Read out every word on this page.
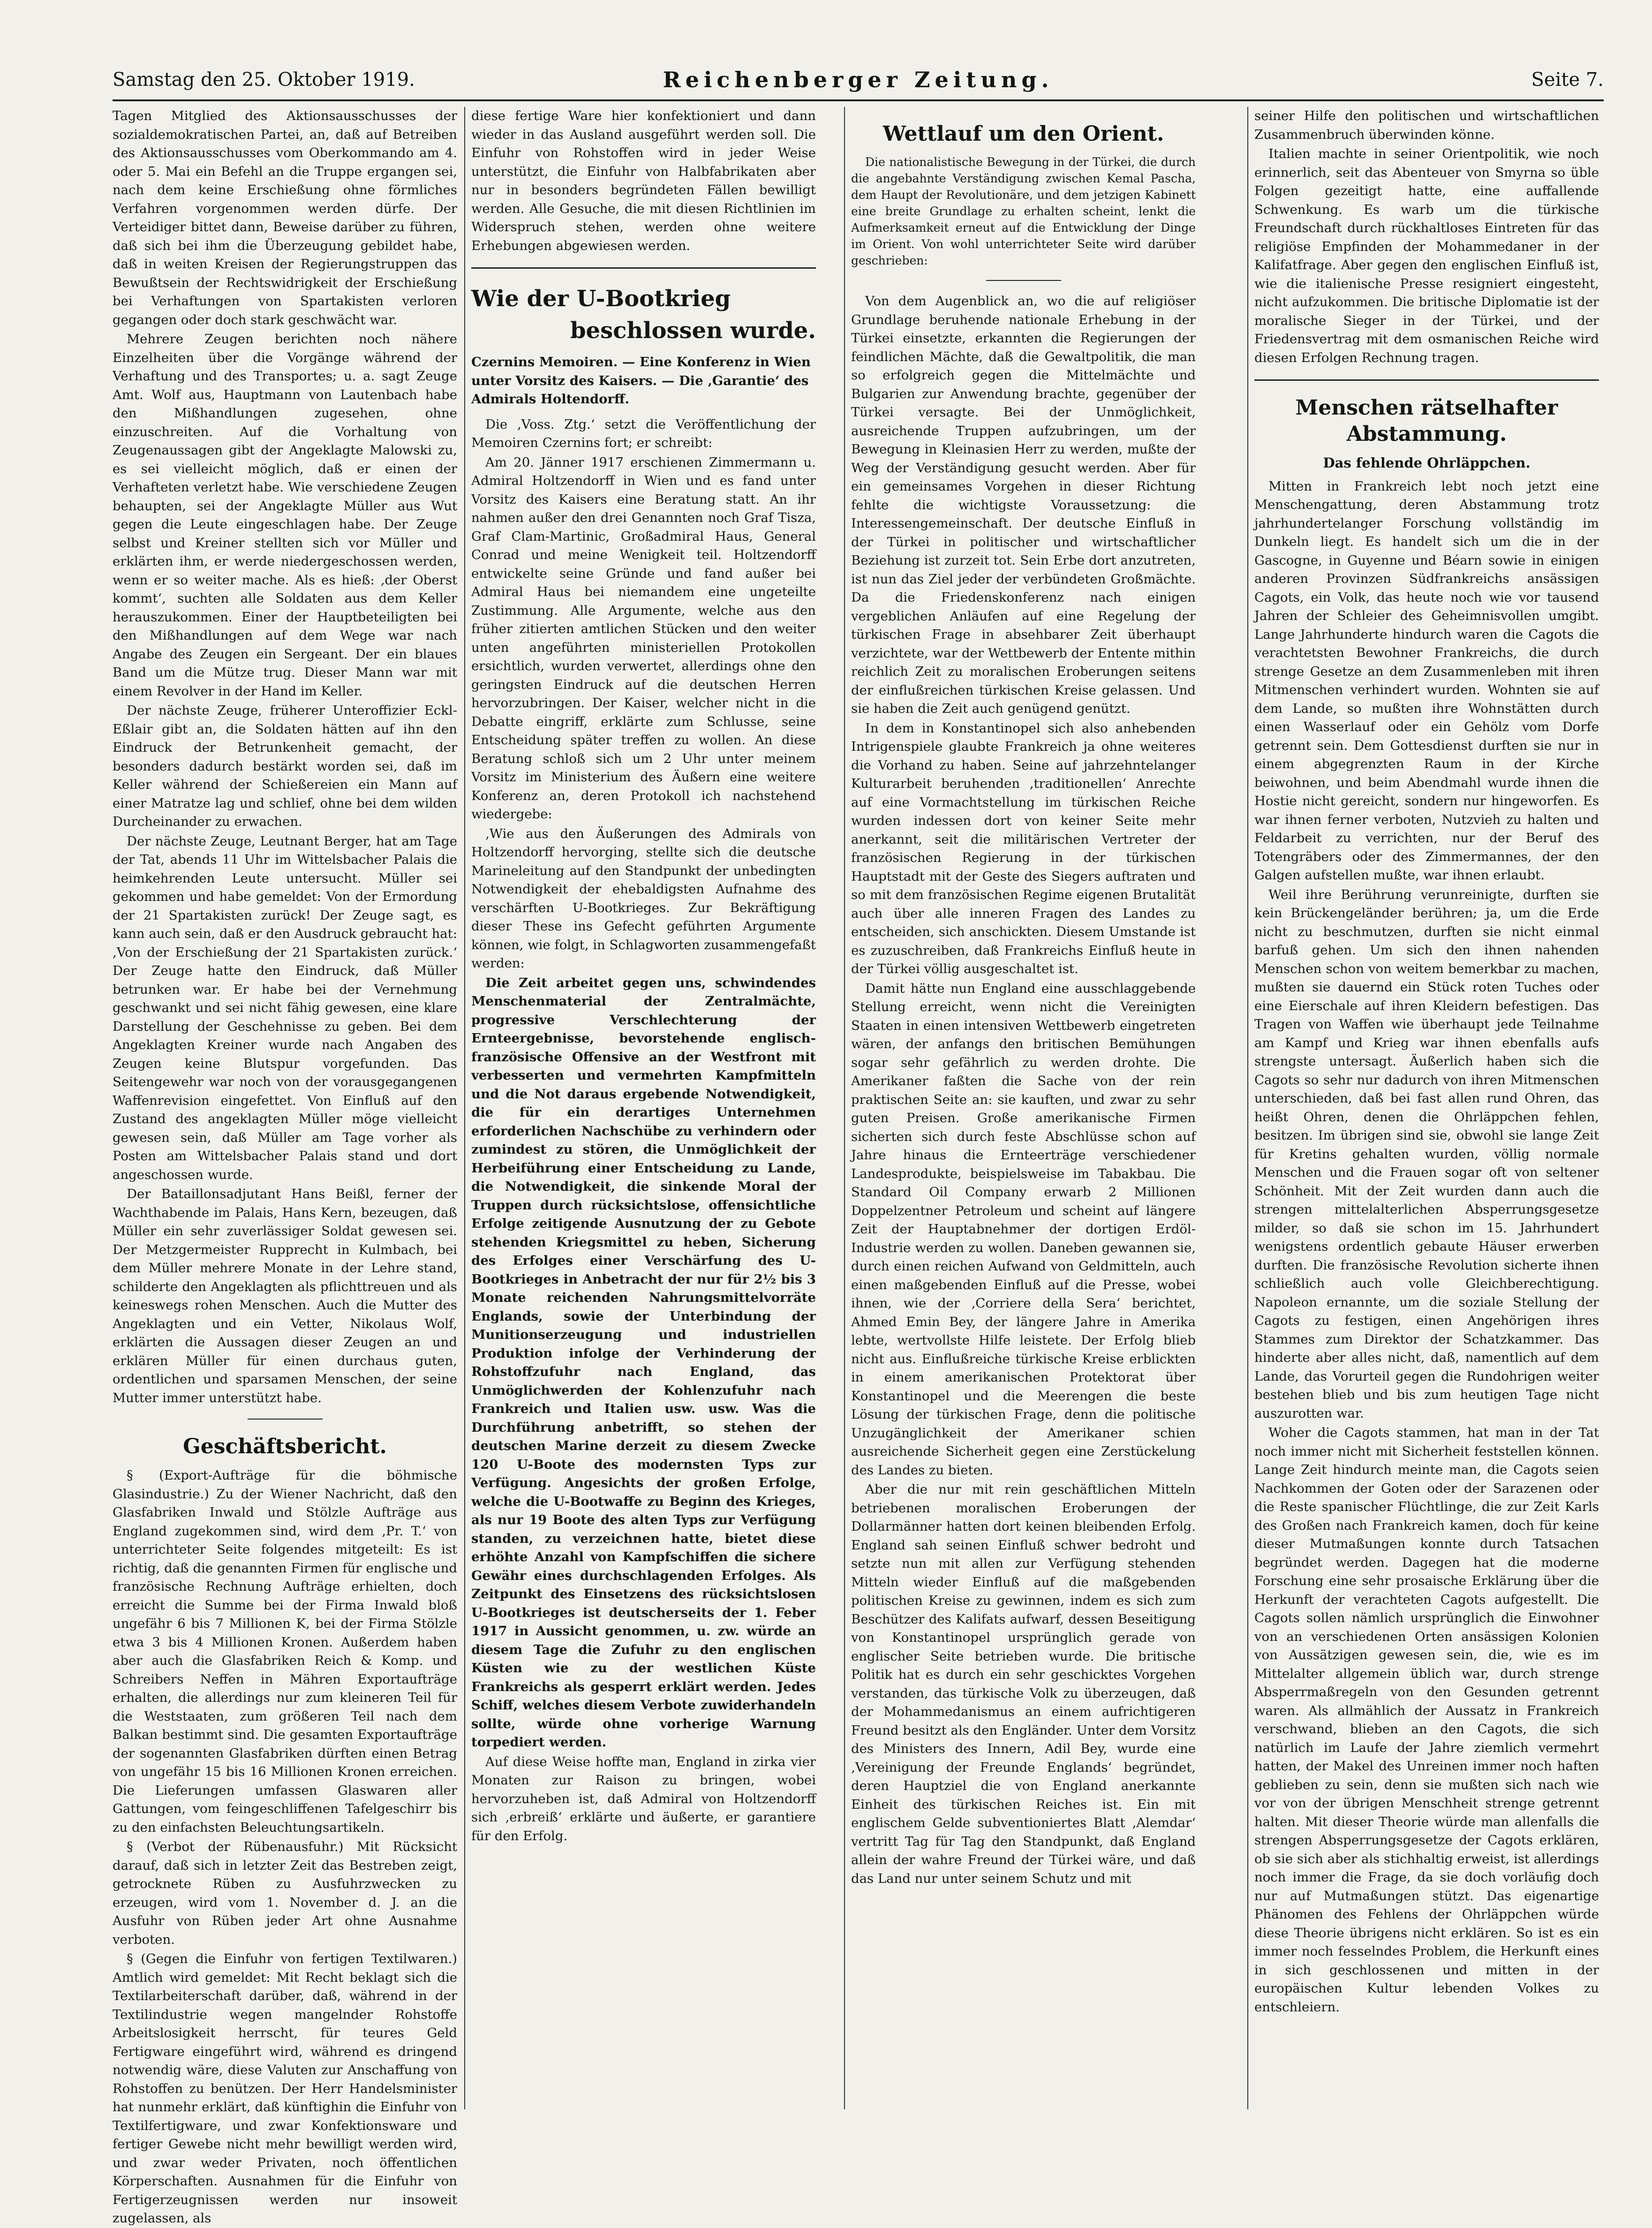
Samstag den 25. Oktober 1919.	Reichenberger Zeitung.	Seite 7.

Tagen Mitglied des Aktionsausschusses der sozialdemokratischen Partei, an, daß auf Betreiben des Aktionsausschusses vom Oberkommando am 4. oder 5. Mai ein Befehl an die Truppe ergangen sei, nach dem keine Erschießung ohne förmliches Verfahren vorgenommen werden dürfe. Der Verteidiger bittet dann, Beweise darüber zu führen, daß sich bei ihm die Überzeugung gebildet habe, daß in weiten Kreisen der Regierungstruppen das Bewußtsein der Rechtswidrigkeit der Erschießung bei Verhaftungen von Spartakisten verloren gegangen oder doch stark geschwächt war.

Mehrere Zeugen berichten noch nähere Einzelheiten über die Vorgänge während der Verhaftung und des Transportes; u. a. sagt Zeuge Amt. Wolf aus, Hauptmann von Lautenbach habe den Mißhandlungen zugesehen, ohne einzuschreiten. Auf die Vorhaltung von Zeugenaussagen gibt der Angeklagte Malowski zu, es sei vielleicht möglich, daß er einen der Verhafteten verletzt habe. Wie verschiedene Zeugen behaupten, sei der Angeklagte Müller aus Wut gegen die Leute eingeschlagen habe. Der Zeuge selbst und Kreiner stellten sich vor Müller und erklärten ihm, er werde niedergeschossen werden, wenn er so weiter mache. Als es hieß: ‚der Oberst kommt‘, suchten alle Soldaten aus dem Keller herauszukommen. Einer der Hauptbeteiligten bei den Mißhandlungen auf dem Wege war nach Angabe des Zeugen ein Sergeant. Der ein blaues Band um die Mütze trug. Dieser Mann war mit einem Revolver in der Hand im Keller.

Der nächste Zeuge, früherer Unteroffizier Eckl-Eßlair gibt an, die Soldaten hätten auf ihn den Eindruck der Betrunkenheit gemacht, der besonders dadurch bestärkt worden sei, daß im Keller während der Schießereien ein Mann auf einer Matratze lag und schlief, ohne bei dem wilden Durcheinander zu erwachen.

Der nächste Zeuge, Leutnant Berger, hat am Tage der Tat, abends 11 Uhr im Wittelsbacher Palais die heimkehrenden Leute untersucht. Müller sei gekommen und habe gemeldet: Von der Ermordung der 21 Spartakisten zurück! Der Zeuge sagt, es kann auch sein, daß er den Ausdruck gebraucht hat: ‚Von der Erschießung der 21 Spartakisten zurück.‘ Der Zeuge hatte den Eindruck, daß Müller betrunken war. Er habe bei der Vernehmung geschwankt und sei nicht fähig gewesen, eine klare Darstellung der Geschehnisse zu geben. Bei dem Angeklagten Kreiner wurde nach Angaben des Zeugen keine Blutspur vorgefunden. Das Seitengewehr war noch von der vorausgegangenen Waffenrevision eingefettet. Von Einfluß auf den Zustand des angeklagten Müller möge vielleicht gewesen sein, daß Müller am Tage vorher als Posten am Wittelsbacher Palais stand und dort angeschossen wurde.

Der Bataillonsadjutant Hans Beißl, ferner der Wachthabende im Palais, Hans Kern, bezeugen, daß Müller ein sehr zuverlässiger Soldat gewesen sei. Der Metzgermeister Rupprecht in Kulmbach, bei dem Müller mehrere Monate in der Lehre stand, schilderte den Angeklagten als pflichttreuen und als keineswegs rohen Menschen. Auch die Mutter des Angeklagten und ein Vetter, Nikolaus Wolf, erklärten die Aussagen dieser Zeugen an und erklären Müller für einen durchaus guten, ordentlichen und sparsamen Menschen, der seine Mutter immer unterstützt habe.

Geschäftsbericht.

§ (Export-Aufträge für die böhmische Glasindustrie.) Zu der Wiener Nachricht, daß den Glasfabriken Inwald und Stölzle Aufträge aus England zugekommen sind, wird dem ‚Pr. T.‘ von unterrichteter Seite folgendes mitgeteilt: Es ist richtig, daß die genannten Firmen für englische und französische Rechnung Aufträge erhielten, doch erreicht die Summe bei der Firma Inwald bloß ungefähr 6 bis 7 Millionen K, bei der Firma Stölzle etwa 3 bis 4 Millionen Kronen. Außerdem haben aber auch die Glasfabriken Reich & Komp. und Schreibers Neffen in Mähren Exportaufträge erhalten, die allerdings nur zum kleineren Teil für die Weststaaten, zum größeren Teil nach dem Balkan bestimmt sind. Die gesamten Exportaufträge der sogenannten Glasfabriken dürften einen Betrag von ungefähr 15 bis 16 Millionen Kronen erreichen. Die Lieferungen umfassen Glaswaren aller Gattungen, vom feingeschliffenen Tafelgeschirr bis zu den einfachsten Beleuchtungsartikeln.

§ (Verbot der Rübenausfuhr.) Mit Rücksicht darauf, daß sich in letzter Zeit das Bestreben zeigt, getrocknete Rüben zu Ausfuhrzwecken zu erzeugen, wird vom 1. November d. J. an die Ausfuhr von Rüben jeder Art ohne Ausnahme verboten.

§ (Gegen die Einfuhr von fertigen Textilwaren.) Amtlich wird gemeldet: Mit Recht beklagt sich die Textilarbeiterschaft darüber, daß, während in der Textilindustrie wegen mangelnder Rohstoffe Arbeitslosigkeit herrscht, für teures Geld Fertigware eingeführt wird, während es dringend notwendig wäre, diese Valuten zur Anschaffung von Rohstoffen zu benützen. Der Herr Handelsminister hat nunmehr erklärt, daß künftighin die Einfuhr von Textilfertigware, und zwar Konfektionsware und fertiger Gewebe nicht mehr bewilligt werden wird, und zwar weder Privaten, noch öffentlichen Körperschaften. Ausnahmen für die Einfuhr von Fertigerzeugnissen werden nur insoweit zugelassen, als

diese fertige Ware hier konfektioniert und dann wieder in das Ausland ausgeführt werden soll. Die Einfuhr von Rohstoffen wird in jeder Weise unterstützt, die Einfuhr von Halbfabrikaten aber nur in besonders begründeten Fällen bewilligt werden. Alle Gesuche, die mit diesen Richtlinien im Widerspruch stehen, werden ohne weitere Erhebungen abgewiesen werden.

Wie der U-Bootkrieg
beschlossen wurde.

Czernins Memoiren. — Eine Konferenz in Wien unter Vorsitz des Kaisers. — Die ‚Garantie‘ des Admirals Holtendorff.

Die ‚Voss. Ztg.‘ setzt die Veröffentlichung der Memoiren Czernins fort; er schreibt:

Am 20. Jänner 1917 erschienen Zimmermann u. Admiral Holtzendorff in Wien und es fand unter Vorsitz des Kaisers eine Beratung statt. An ihr nahmen außer den drei Genannten noch Graf Tisza, Graf Clam-Martinic, Großadmiral Haus, General Conrad und meine Wenigkeit teil. Holtzendorff entwickelte seine Gründe und fand außer bei Admiral Haus bei niemandem eine ungeteilte Zustimmung. Alle Argumente, welche aus den früher zitierten amtlichen Stücken und den weiter unten angeführten ministeriellen Protokollen ersichtlich, wurden verwertet, allerdings ohne den geringsten Eindruck auf die deutschen Herren hervorzubringen. Der Kaiser, welcher nicht in die Debatte eingriff, erklärte zum Schlusse, seine Entscheidung später treffen zu wollen. An diese Beratung schloß sich um 2 Uhr unter meinem Vorsitz im Ministerium des Äußern eine weitere Konferenz an, deren Protokoll ich nachstehend wiedergebe:

‚Wie aus den Äußerungen des Admirals von Holtzendorff hervorging, stellte sich die deutsche Marineleitung auf den Standpunkt der unbedingten Notwendigkeit der ehebaldigsten Aufnahme des verschärften U-Bootkrieges. Zur Bekräftigung dieser These ins Gefecht geführten Argumente können, wie folgt, in Schlagworten zusammengefaßt werden:

Die Zeit arbeitet gegen uns, schwindendes Menschenmaterial der Zentralmächte, progressive Verschlechterung der Ernteergebnisse, bevorstehende englisch-französische Offensive an der Westfront mit verbesserten und vermehrten Kampfmitteln und die Not daraus ergebende Notwendigkeit, die für ein derartiges Unternehmen erforderlichen Nachschübe zu verhindern oder zumindest zu stören, die Unmöglichkeit der Herbeiführung einer Entscheidung zu Lande, die Notwendigkeit, die sinkende Moral der Truppen durch rücksichtslose, offensichtliche Erfolge zeitigende Ausnutzung der zu Gebote stehenden Kriegsmittel zu heben, Sicherung des Erfolges einer Verschärfung des U-Bootkrieges in Anbetracht der nur für 2½ bis 3 Monate reichenden Nahrungsmittelvorräte Englands, sowie der Unterbindung der Munitionserzeugung und industriellen Produktion infolge der Verhinderung der Rohstoffzufuhr nach England, das Unmöglichwerden der Kohlenzufuhr nach Frankreich und Italien usw. usw. Was die Durchführung anbetrifft, so stehen der deutschen Marine derzeit zu diesem Zwecke 120 U-Boote des modernsten Typs zur Verfügung. Angesichts der großen Erfolge, welche die U-Bootwaffe zu Beginn des Krieges, als nur 19 Boote des alten Typs zur Verfügung standen, zu verzeichnen hatte, bietet diese erhöhte Anzahl von Kampfschiffen die sichere Gewähr eines durchschlagenden Erfolges. Als Zeitpunkt des Einsetzens des rücksichtslosen U-Bootkrieges ist deutscherseits der 1. Feber 1917 in Aussicht genommen, u. zw. würde an diesem Tage die Zufuhr zu den englischen Küsten wie zu der westlichen Küste Frankreichs als gesperrt erklärt werden. Jedes Schiff, welches diesem Verbote zuwiderhandeln sollte, würde ohne vorherige Warnung torpediert werden.

Auf diese Weise hoffte man, England in zirka vier Monaten zur Raison zu bringen, wobei hervorzuheben ist, daß Admiral von Holtzendorff sich ‚erbreiß‘ erklärte und äußerte, er garantiere für den Erfolg.

Wettlauf um den Orient.

Die nationalistische Bewegung in der Türkei, die durch die angebahnte Verständigung zwischen Kemal Pascha, dem Haupt der Revolutionäre, und dem jetzigen Kabinett eine breite Grundlage zu erhalten scheint, lenkt die Aufmerksamkeit erneut auf die Entwicklung der Dinge im Orient. Von wohl unterrichteter Seite wird darüber geschrieben:

Von dem Augenblick an, wo die auf religiöser Grundlage beruhende nationale Erhebung in der Türkei einsetzte, erkannten die Regierungen der feindlichen Mächte, daß die Gewaltpolitik, die man so erfolgreich gegen die Mittelmächte und Bulgarien zur Anwendung brachte, gegenüber der Türkei versagte. Bei der Unmöglichkeit, ausreichende Truppen aufzubringen, um der Bewegung in Kleinasien Herr zu werden, mußte der Weg der Verständigung gesucht werden. Aber für ein gemeinsames Vorgehen in dieser Richtung fehlte die wichtigste Voraussetzung: die Interessengemeinschaft. Der deutsche Einfluß in der Türkei in politischer und wirtschaftlicher Beziehung ist zurzeit tot. Sein Erbe dort anzutreten, ist nun das Ziel jeder der verbündeten Großmächte. Da die Friedenskonferenz nach einigen vergeblichen Anläufen auf eine Regelung der türkischen Frage in absehbarer Zeit überhaupt verzichtete, war der Wettbewerb der Entente mithin reichlich Zeit zu moralischen Eroberungen seitens der einflußreichen türkischen Kreise gelassen. Und sie haben die Zeit auch genügend genützt.

In dem in Konstantinopel sich also anhebenden Intrigenspiele glaubte Frankreich ja ohne weiteres die Vorhand zu haben. Seine auf jahrzehntelanger Kulturarbeit beruhenden ‚traditionellen‘ Anrechte auf eine Vormachtstellung im türkischen Reiche wurden indessen dort von keiner Seite mehr anerkannt, seit die militärischen Vertreter der französischen Regierung in der türkischen Hauptstadt mit der Geste des Siegers auftraten und so mit dem französischen Regime eigenen Brutalität auch über alle inneren Fragen des Landes zu entscheiden, sich anschickten. Diesem Umstande ist es zuzuschreiben, daß Frankreichs Einfluß heute in der Türkei völlig ausgeschaltet ist.

Damit hätte nun England eine ausschlaggebende Stellung erreicht, wenn nicht die Vereinigten Staaten in einen intensiven Wettbewerb eingetreten wären, der anfangs den britischen Bemühungen sogar sehr gefährlich zu werden drohte. Die Amerikaner faßten die Sache von der rein praktischen Seite an: sie kauften, und zwar zu sehr guten Preisen. Große amerikanische Firmen sicherten sich durch feste Abschlüsse schon auf Jahre hinaus die Ernteerträge verschiedener Landesprodukte, beispielsweise im Tabakbau. Die Standard Oil Company erwarb 2 Millionen Doppelzentner Petroleum und scheint auf längere Zeit der Hauptabnehmer der dortigen Erdöl-Industrie werden zu wollen. Daneben gewannen sie, durch einen reichen Aufwand von Geldmitteln, auch einen maßgebenden Einfluß auf die Presse, wobei ihnen, wie der ‚Corriere della Sera‘ berichtet, Ahmed Emin Bey, der längere Jahre in Amerika lebte, wertvollste Hilfe leistete. Der Erfolg blieb nicht aus. Einflußreiche türkische Kreise erblickten in einem amerikanischen Protektorat über Konstantinopel und die Meerengen die beste Lösung der türkischen Frage, denn die politische Unzugänglichkeit der Amerikaner schien ausreichende Sicherheit gegen eine Zerstückelung des Landes zu bieten.

Aber die nur mit rein geschäftlichen Mitteln betriebenen moralischen Eroberungen der Dollarmänner hatten dort keinen bleibenden Erfolg. England sah seinen Einfluß schwer bedroht und setzte nun mit allen zur Verfügung stehenden Mitteln wieder Einfluß auf die maßgebenden politischen Kreise zu gewinnen, indem es sich zum Beschützer des Kalifats aufwarf, dessen Beseitigung von Konstantinopel ursprünglich gerade von englischer Seite betrieben wurde. Die britische Politik hat es durch ein sehr geschicktes Vorgehen verstanden, das türkische Volk zu überzeugen, daß der Mohammedanismus an einem aufrichtigeren Freund besitzt als den Engländer. Unter dem Vorsitz des Ministers des Innern, Adil Bey, wurde eine ‚Vereinigung der Freunde Englands‘ begründet, deren Hauptziel die von England anerkannte Einheit des türkischen Reiches ist. Ein mit englischem Gelde subventioniertes Blatt ‚Alemdar‘ vertritt Tag für Tag den Standpunkt, daß England allein der wahre Freund der Türkei wäre, und daß das Land nur unter seinem Schutz und mit

seiner Hilfe den politischen und wirtschaftlichen Zusammenbruch überwinden könne.

Italien machte in seiner Orientpolitik, wie noch erinnerlich, seit das Abenteuer von Smyrna so üble Folgen gezeitigt hatte, eine auffallende Schwenkung. Es warb um die türkische Freundschaft durch rückhaltloses Eintreten für das religiöse Empfinden der Mohammedaner in der Kalifatfrage. Aber gegen den englischen Einfluß ist, wie die italienische Presse resigniert eingesteht, nicht aufzukommen. Die britische Diplomatie ist der moralische Sieger in der Türkei, und der Friedensvertrag mit dem osmanischen Reiche wird diesen Erfolgen Rechnung tragen.

Menschen rätselhafter Abstammung.

Das fehlende Ohrläppchen.

Mitten in Frankreich lebt noch jetzt eine Menschengattung, deren Abstammung trotz jahrhundertelanger Forschung vollständig im Dunkeln liegt. Es handelt sich um die in der Gascogne, in Guyenne und Béarn sowie in einigen anderen Provinzen Südfrankreichs ansässigen Cagots, ein Volk, das heute noch wie vor tausend Jahren der Schleier des Geheimnisvollen umgibt. Lange Jahrhunderte hindurch waren die Cagots die verachtetsten Bewohner Frankreichs, die durch strenge Gesetze an dem Zusammenleben mit ihren Mitmenschen verhindert wurden. Wohnten sie auf dem Lande, so mußten ihre Wohnstätten durch einen Wasserlauf oder ein Gehölz vom Dorfe getrennt sein. Dem Gottesdienst durften sie nur in einem abgegrenzten Raum in der Kirche beiwohnen, und beim Abendmahl wurde ihnen die Hostie nicht gereicht, sondern nur hingeworfen. Es war ihnen ferner verboten, Nutzvieh zu halten und Feldarbeit zu verrichten, nur der Beruf des Totengräbers oder des Zimmermannes, der den Galgen aufstellen mußte, war ihnen erlaubt.

Weil ihre Berührung verunreinigte, durften sie kein Brückengeländer berühren; ja, um die Erde nicht zu beschmutzen, durften sie nicht einmal barfuß gehen. Um sich den ihnen nahenden Menschen schon von weitem bemerkbar zu machen, mußten sie dauernd ein Stück roten Tuches oder eine Eierschale auf ihren Kleidern befestigen. Das Tragen von Waffen wie überhaupt jede Teilnahme am Kampf und Krieg war ihnen ebenfalls aufs strengste untersagt. Äußerlich haben sich die Cagots so sehr nur dadurch von ihren Mitmenschen unterschieden, daß bei fast allen rund Ohren, das heißt Ohren, denen die Ohrläppchen fehlen, besitzen. Im übrigen sind sie, obwohl sie lange Zeit für Kretins gehalten wurden, völlig normale Menschen und die Frauen sogar oft von seltener Schönheit. Mit der Zeit wurden dann auch die strengen mittelalterlichen Absperrungsgesetze milder, so daß sie schon im 15. Jahrhundert wenigstens ordentlich gebaute Häuser erwerben durften. Die französische Revolution sicherte ihnen schließlich auch volle Gleichberechtigung. Napoleon ernannte, um die soziale Stellung der Cagots zu festigen, einen Angehörigen ihres Stammes zum Direktor der Schatzkammer. Das hinderte aber alles nicht, daß, namentlich auf dem Lande, das Vorurteil gegen die Rundohrigen weiter bestehen blieb und bis zum heutigen Tage nicht auszurotten war.

Woher die Cagots stammen, hat man in der Tat noch immer nicht mit Sicherheit feststellen können. Lange Zeit hindurch meinte man, die Cagots seien Nachkommen der Goten oder der Sarazenen oder die Reste spanischer Flüchtlinge, die zur Zeit Karls des Großen nach Frankreich kamen, doch für keine dieser Mutmaßungen konnte durch Tatsachen begründet werden. Dagegen hat die moderne Forschung eine sehr prosaische Erklärung über die Herkunft der verachteten Cagots aufgestellt. Die Cagots sollen nämlich ursprünglich die Einwohner von an verschiedenen Orten ansässigen Kolonien von Aussätzigen gewesen sein, die, wie es im Mittelalter allgemein üblich war, durch strenge Absperrmaßregeln von den Gesunden getrennt waren. Als allmählich der Aussatz in Frankreich verschwand, blieben an den Cagots, die sich natürlich im Laufe der Jahre ziemlich vermehrt hatten, der Makel des Unreinen immer noch haften geblieben zu sein, denn sie mußten sich nach wie vor von der übrigen Menschheit strenge getrennt halten. Mit dieser Theorie würde man allenfalls die strengen Absperrungsgesetze der Cagots erklären, ob sie sich aber als stichhaltig erweist, ist allerdings noch immer die Frage, da sie doch vorläufig doch nur auf Mutmaßungen stützt. Das eigenartige Phänomen des Fehlens der Ohrläppchen würde diese Theorie übrigens nicht erklären. So ist es ein immer noch fesselndes Problem, die Herkunft eines in sich geschlossenen und mitten in der europäischen Kultur lebenden Volkes zu entschleiern.
